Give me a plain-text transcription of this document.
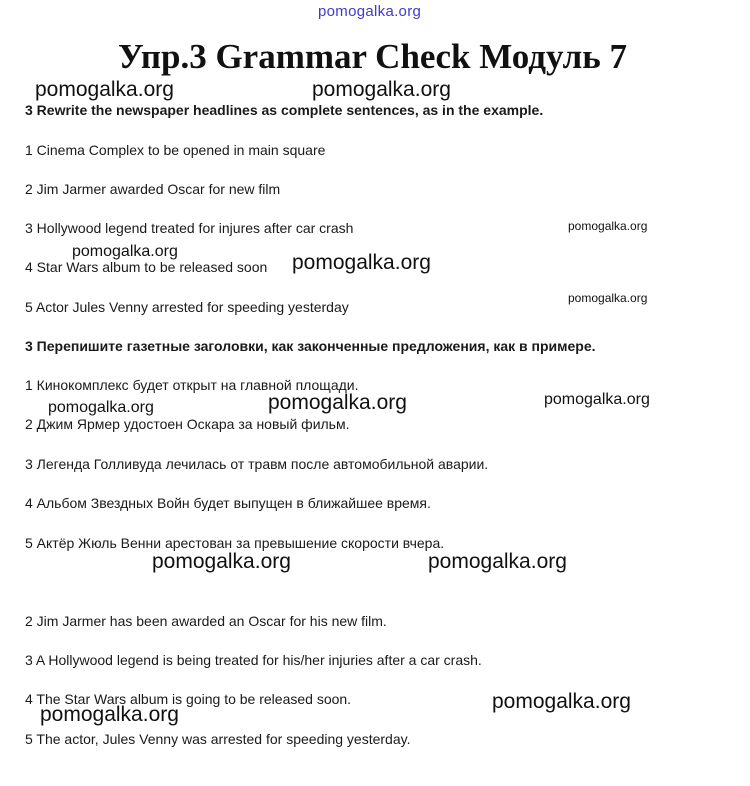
pomogalka.org
Упр.3 Grammar Check Модуль 7
3 Rewrite the newspaper headlines as complete sentences, as in the example.
1 Cinema Complex to be opened in main square
2 Jim Jarmer awarded Oscar for new film
3 Hollywood legend treated for injures after car crash
4 Star Wars album to be released soon
5 Actor Jules Venny arrested for speeding yesterday
3 Перепишите газетные заголовки, как законченные предложения, как в примере.
1 Кинокомплекс будет открыт на главной площади.
2 Джим Ярмер удостоен Оскара за новый фильм.
3 Легенда Голливуда лечилась от травм после автомобильной аварии.
4 Альбом Звездных Войн будет выпущен в ближайшее время.
5 Актёр Жюль Венни арестован за превышение скорости вчера.
2 Jim Jarmer has been awarded an Oscar for his new film.
3 A Hollywood legend is being treated for his/her injuries after a car crash.
4 The Star Wars album is going to be released soon.
5 The actor, Jules Venny was arrested for speeding yesterday.
pomogalka.org	pomogalka.org
pomogalka.org
pomogalka.org	pomogalka.org
pomogalka.org
pomogalka.org
pomogalka.org	pomogalka.org
pomogalka.org	pomogalka.org
pomogalka.org
pomogalka.org
